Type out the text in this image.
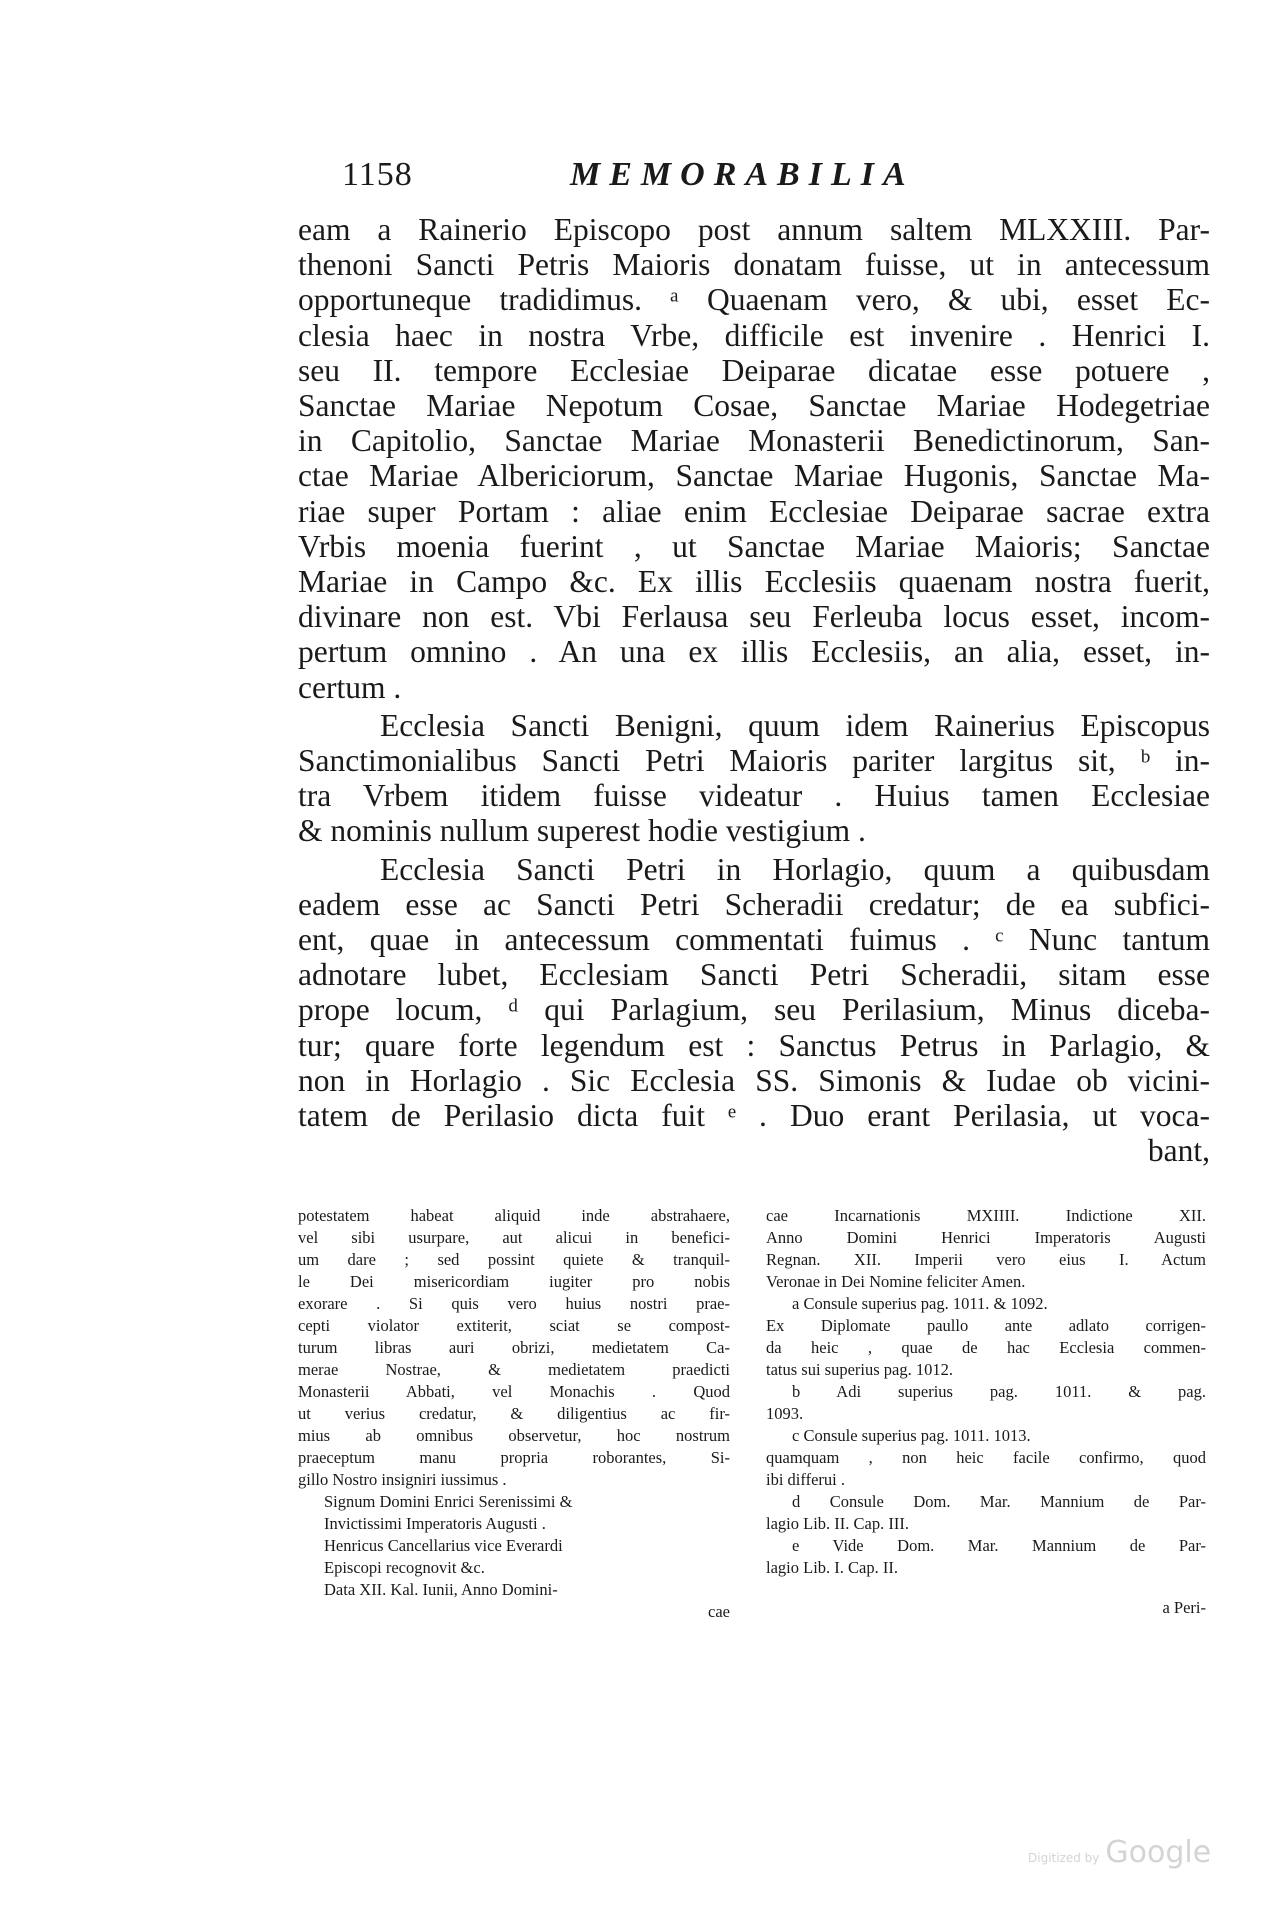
1158	MEMORABILIA
eam a Rainerio Episcopo post annum saltem MLXXIII. Par-
thenoni Sancti Petris Maioris donatam fuisse, ut in antecessum
opportuneque tradidimus. ᵃ Quaenam vero, & ubi, esset Ec-
clesia haec in nostra Vrbe, difficile est invenire . Henrici I.
seu II. tempore Ecclesiae Deiparae dicatae esse potuere ,
Sanctae Mariae Nepotum Cosae, Sanctae Mariae Hodegetriae
in Capitolio, Sanctae Mariae Monasterii Benedictinorum, San-
ctae Mariae Albericiorum, Sanctae Mariae Hugonis, Sanctae Ma-
riae super Portam : aliae enim Ecclesiae Deiparae sacrae extra
Vrbis moenia fuerint , ut Sanctae Mariae Maioris; Sanctae
Mariae in Campo &c. Ex illis Ecclesiis quaenam nostra fuerit,
divinare non est. Vbi Ferlausa seu Ferleuba locus esset, incom-
pertum omnino . An una ex illis Ecclesiis, an alia, esset, in-
certum .
Ecclesia Sancti Benigni, quum idem Rainerius Episcopus
Sanctimonialibus Sancti Petri Maioris pariter largitus sit, ᵇ in-
tra Vrbem itidem fuisse videatur . Huius tamen Ecclesiae
& nominis nullum superest hodie vestigium .
Ecclesia Sancti Petri in Horlagio, quum a quibusdam
eadem esse ac Sancti Petri Scheradii credatur; de ea subfici-
ent, quae in antecessum commentati fuimus . ᶜ Nunc tantum
adnotare lubet, Ecclesiam Sancti Petri Scheradii, sitam esse
prope locum, ᵈ qui Parlagium, seu Perilasium, Minus diceba-
tur; quare forte legendum est : Sanctus Petrus in Parlagio, &
non in Horlagio . Sic Ecclesia SS. Simonis & Iudae ob vicini-
tatem de Perilasio dicta fuit ᵉ . Duo erant Perilasia, ut voca-
bant,
potestatem habeat aliquid inde abstrahaere,
vel sibi usurpare, aut alicui in benefici-
um dare ; sed possint quiete & tranquil-
le Dei misericordiam iugiter pro nobis
exorare . Si quis vero huius nostri prae-
cepti violator extiterit, sciat se compost-
turum libras auri obrizi, medietatem Ca-
merae Nostrae, & medietatem praedicti
Monasterii Abbati, vel Monachis . Quod
ut verius credatur, & diligentius ac fir-
mius ab omnibus observetur, hoc nostrum
praeceptum manu propria roborantes, Si-
gillo Nostro insigniri iussimus .
Signum Domini Enrici Serenissimi &
Invictissimi Imperatoris Augusti .
Henricus Cancellarius vice Everardi
Episcopi recognovit &c.
Data XII. Kal. Iunii, Anno Domini-
cae
cae Incarnationis MXIIII. Indictione XII.
Anno Domini Henrici Imperatoris Augusti
Regnan. XII. Imperii vero eius I. Actum
Veronae in Dei Nomine feliciter Amen.
a Consule superius pag. 1011. & 1092.
Ex Diplomate paullo ante adlato corrigen-
da heic , quae de hac Ecclesia commen-
tatus sui superius pag. 1012.
b Adi superius pag. 1011. & pag.
1093.
c Consule superius pag. 1011. 1013.
quamquam , non heic facile confirmo, quod
ibi differui .
d Consule Dom. Mar. Mannium de Par-
lagio Lib. II. Cap. III.
e Vide Dom. Mar. Mannium de Par-
lagio Lib. I. Cap. II.
a Peri-
Digitized by Google
